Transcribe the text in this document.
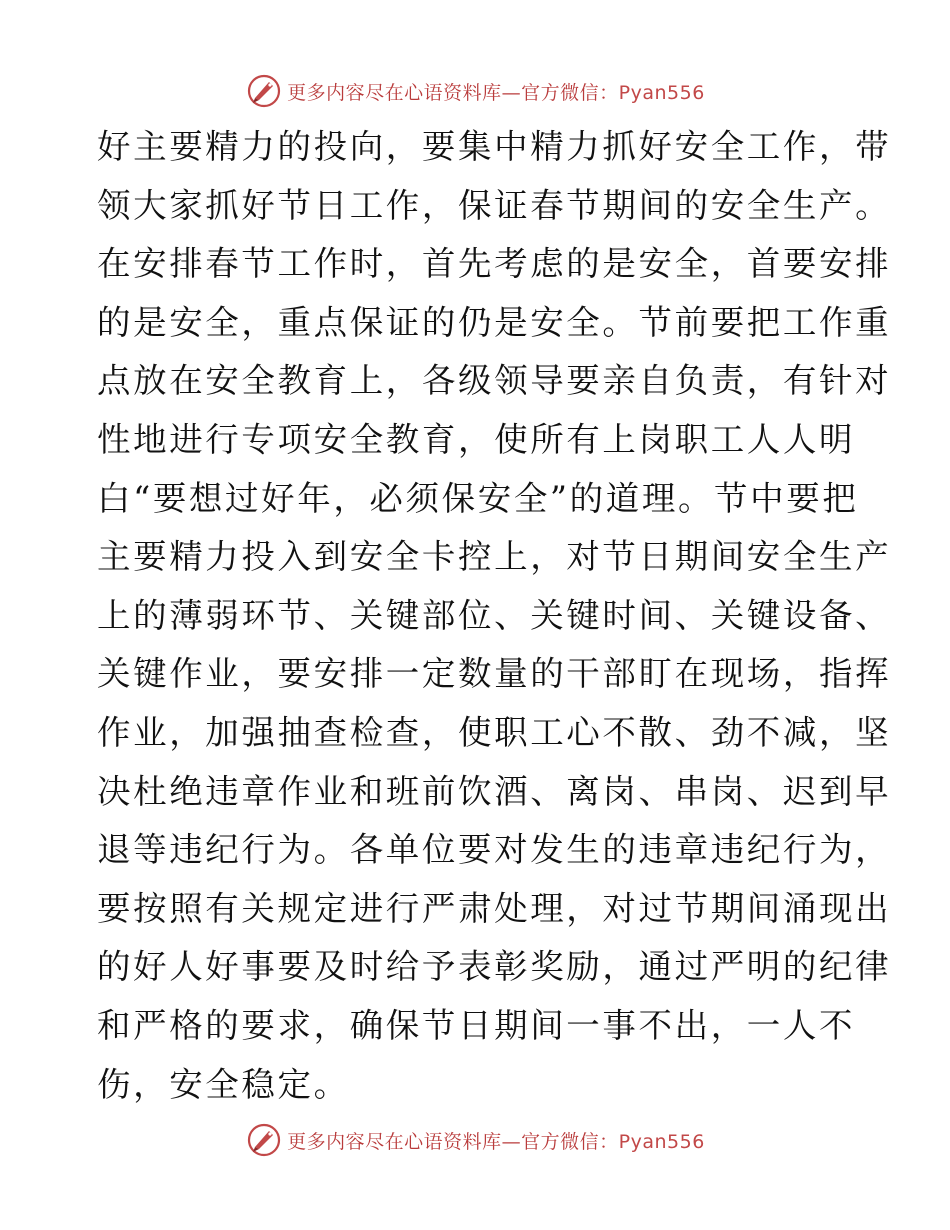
更多内容尽在心语资料库—官方微信：Pyan556
好主要精力的投向，要集中精力抓好安全工作，带
领大家抓好节日工作，保证春节期间的安全生产。
在安排春节工作时，首先考虑的是安全，首要安排
的是安全，重点保证的仍是安全。节前要把工作重
点放在安全教育上，各级领导要亲自负责，有针对
性地进行专项安全教育，使所有上岗职工人人明
白“要想过好年，必须保安全”的道理。节中要把
主要精力投入到安全卡控上，对节日期间安全生产
上的薄弱环节、关键部位、关键时间、关键设备、
关键作业，要安排一定数量的干部盯在现场，指挥
作业，加强抽查检查，使职工心不散、劲不减，坚
决杜绝违章作业和班前饮酒、离岗、串岗、迟到早
退等违纪行为。各单位要对发生的违章违纪行为，
要按照有关规定进行严肃处理，对过节期间涌现出
的好人好事要及时给予表彰奖励，通过严明的纪律
和严格的要求，确保节日期间一事不出，一人不
伤，安全稳定。
更多内容尽在心语资料库—官方微信：Pyan556
